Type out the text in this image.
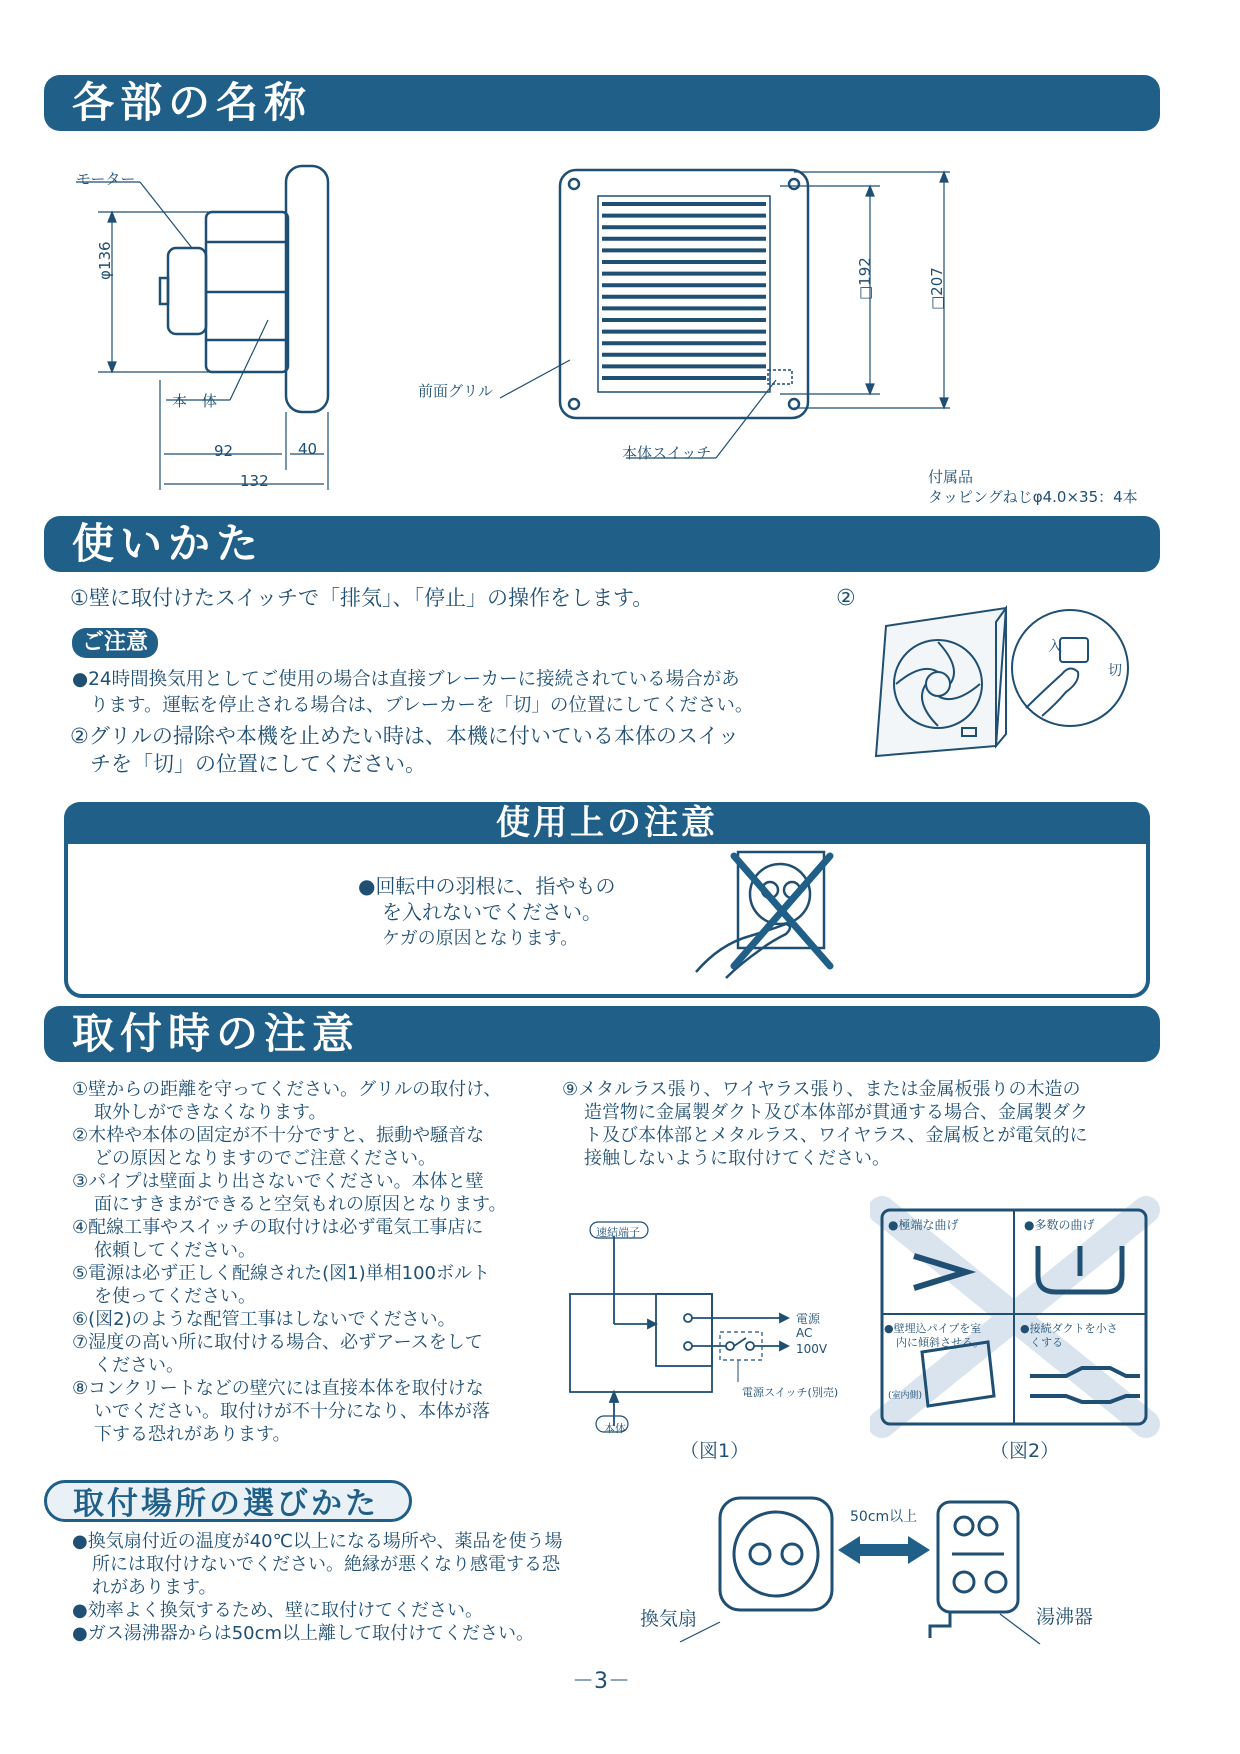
各部の名称
使いかた
取付時の注意
モーター
φ136
本　体
92	40
132
□192	□207
前面グリル
本体スイッチ
付属品
タッピングねじφ4.0×35：4本
①壁に取付けたスイッチで「排気」、「停止」の操作をします。
ご注意
●24時間換気用としてご使用の場合は直接ブレーカーに接続されている場合があ
ります。運転を停止される場合は、ブレーカーを「切」の位置にしてください。
②グリルの掃除や本機を止めたい時は、本機に付いている本体のスイッ
チを「切」の位置にしてください。
②
入
切
使用上の注意
●回転中の羽根に、指やもの
を入れないでください。
ケガの原因となります。
①壁からの距離を守ってください。グリルの取付け、
取外しができなくなります。
②木枠や本体の固定が不十分ですと、振動や騒音な
どの原因となりますのでご注意ください。
③パイプは壁面より出さないでください。本体と壁
面にすきまができると空気もれの原因となります。
④配線工事やスイッチの取付けは必ず電気工事店に
依頼してください。
⑤電源は必ず正しく配線された(図1)単相100ボルト
を使ってください。
⑥(図2)のような配管工事はしないでください。
⑦湿度の高い所に取付ける場合、必ずアースをして
ください。
⑧コンクリートなどの壁穴には直接本体を取付けな
いでください。取付けが不十分になり、本体が落
下する恐れがあります。
⑨メタルラス張り、ワイヤラス張り、または金属板張りの木造の
造営物に金属製ダクト及び本体部が貫通する場合、金属製ダク
ト及び本体部とメタルラス、ワイヤラス、金属板とが電気的に
接触しないように取付けてください。
速結端子
電源
AC
100V
電源スイッチ(別売)
本体
（図1）
●極端な曲げ	●多数の曲げ
●壁埋込パイプを室
内に傾斜させる。
(室内側)
●接続ダクトを小さ
くする
（図2）
取付場所の選びかた
●換気扇付近の温度が40℃以上になる場所や、薬品を使う場
所には取付けないでください。絶縁が悪くなり感電する恐
れがあります。
●効率よく換気するため、壁に取付けてください。
●ガス湯沸器からは50cm以上離して取付けてください。
50cm以上
換気扇	湯沸器
－3－
